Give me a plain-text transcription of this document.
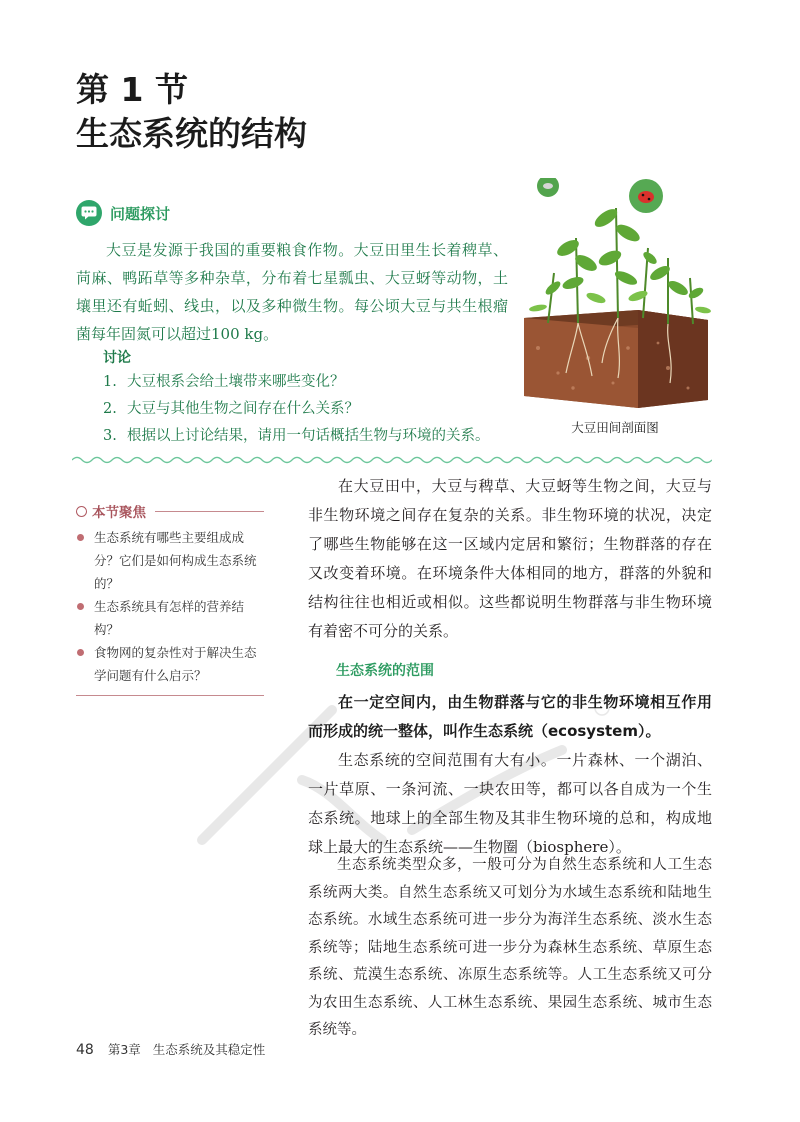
第 1 节
生态系统的结构
问题探讨

大豆是发源于我国的重要粮食作物。大豆田里生长着稗草、苘麻、鸭跖草等多种杂草，分布着七星瓢虫、大豆蚜等动物，土壤里还有蚯蚓、线虫，以及多种微生物。每公顷大豆与共生根瘤菌每年固氮可以超过100 kg。

讨论
1. 大豆根系会给土壤带来哪些变化？
2. 大豆与其他生物之间存在什么关系？
3. 根据以上讨论结果，请用一句话概括生物与环境的关系。
大豆田间剖面图
本节聚焦
生态系统有哪些主要组成成分？它们是如何构成生态系统的？
生态系统具有怎样的营养结构？
食物网的复杂性对于解决生态学问题有什么启示？

在大豆田中，大豆与稗草、大豆蚜等生物之间，大豆与非生物环境之间存在复杂的关系。非生物环境的状况，决定了哪些生物能够在这一区域内定居和繁衍；生物群落的存在又改变着环境。在环境条件大体相同的地方，群落的外貌和结构往往也相近或相似。这些都说明生物群落与非生物环境有着密不可分的关系。

生态系统的范围

在一定空间内，由生物群落与它的非生物环境相互作用而形成的统一整体，叫作生态系统（ecosystem）。

生态系统的空间范围有大有小。一片森林、一个湖泊、一片草原、一条河流、一块农田等，都可以各自成为一个生态系统。地球上的全部生物及其非生物环境的总和，构成地球上最大的生态系统——生物圈（biosphere）。

生态系统类型众多，一般可分为自然生态系统和人工生态系统两大类。自然生态系统又可划分为水域生态系统和陆地生态系统。水域生态系统可进一步分为海洋生态系统、淡水生态系统等；陆地生态系统可进一步分为森林生态系统、草原生态系统、荒漠生态系统、冻原生态系统等。人工生态系统又可分为农田生态系统、人工林生态系统、果园生态系统、城市生态系统等。

48 第3章 生态系统及其稳定性
